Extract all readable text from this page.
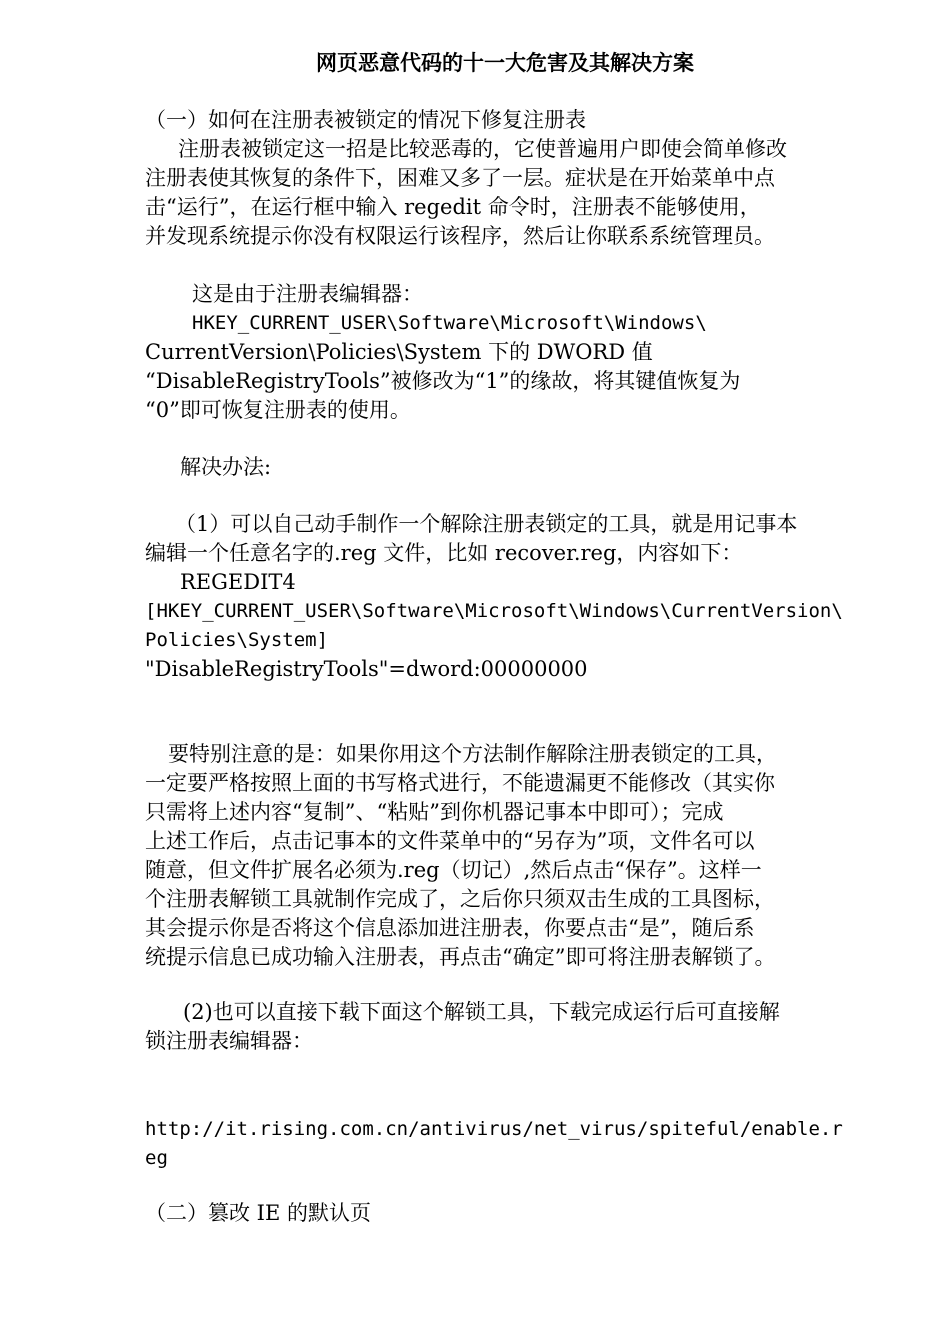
网页恶意代码的十一大危害及其解决方案
（一）如何在注册表被锁定的情况下修复注册表
注册表被锁定这一招是比较恶毒的，它使普遍用户即使会简单修改
注册表使其恢复的条件下，困难又多了一层。症状是在开始菜单中点
击“运行”，在运行框中输入 regedit 命令时，注册表不能够使用，
并发现系统提示你没有权限运行该程序，然后让你联系系统管理员。
这是由于注册表编辑器：
HKEY_CURRENT_USER\Software\Microsoft\Windows\
CurrentVersion\Policies\System 下的 DWORD 值
“DisableRegistryTools”被修改为“1”的缘故，将其键值恢复为
“0”即可恢复注册表的使用。
解决办法:
（1）可以自己动手制作一个解除注册表锁定的工具，就是用记事本
编辑一个任意名字的.reg 文件，比如 recover.reg，内容如下：
REGEDIT4
[HKEY_CURRENT_USER\Software\Microsoft\Windows\CurrentVersion\
Policies\System]
"DisableRegistryTools"=dword:00000000
要特别注意的是：如果你用这个方法制作解除注册表锁定的工具，
一定要严格按照上面的书写格式进行，不能遗漏更不能修改（其实你
只需将上述内容“复制”、“粘贴”到你机器记事本中即可）；完成
上述工作后，点击记事本的文件菜单中的“另存为”项，文件名可以
随意，但文件扩展名必须为.reg（切记）,然后点击“保存”。这样一
个注册表解锁工具就制作完成了，之后你只须双击生成的工具图标，
其会提示你是否将这个信息添加进注册表，你要点击“是”，随后系
统提示信息已成功输入注册表，再点击“确定”即可将注册表解锁了。
(2)也可以直接下载下面这个解锁工具，下载完成运行后可直接解
锁注册表编辑器：
http://it.rising.com.cn/antivirus/net_virus/spiteful/enable.r
eg
（二）篡改 IE 的默认页
